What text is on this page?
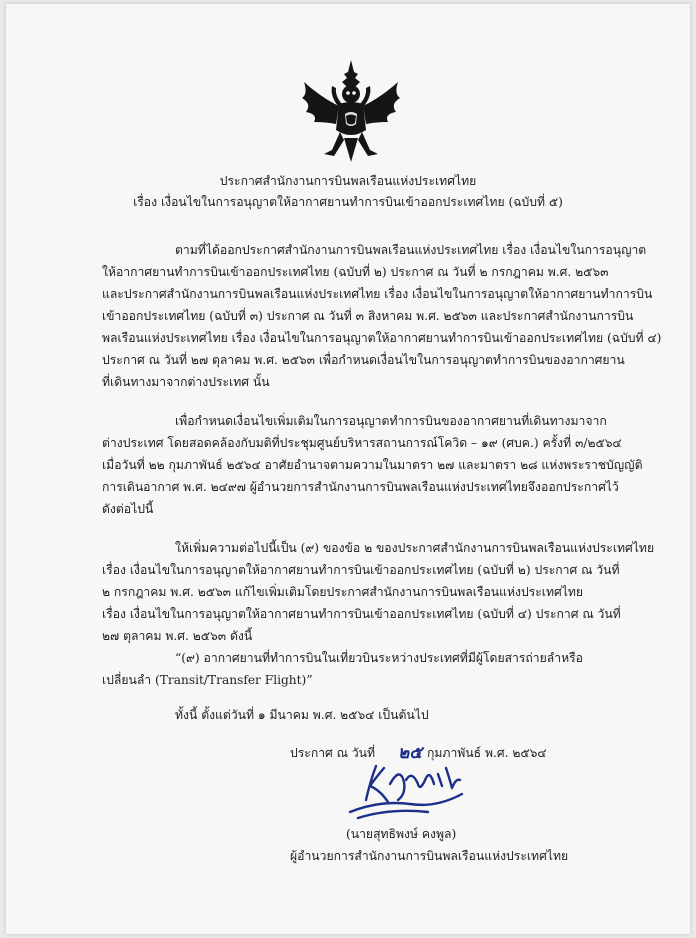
ประกาศสำนักงานการบินพลเรือนแห่งประเทศไทย
เรื่อง เงื่อนไขในการอนุญาตให้อากาศยานทำการบินเข้าออกประเทศไทย (ฉบับที่ ๕)
ตามที่ได้ออกประกาศสำนักงานการบินพลเรือนแห่งประเทศไทย เรื่อง เงื่อนไขในการอนุญาต
ให้อากาศยานทำการบินเข้าออกประเทศไทย (ฉบับที่ ๒) ประกาศ ณ วันที่ ๒ กรกฎาคม พ.ศ. ๒๕๖๓
และประกาศสำนักงานการบินพลเรือนแห่งประเทศไทย เรื่อง เงื่อนไขในการอนุญาตให้อากาศยานทำการบิน
เข้าออกประเทศไทย (ฉบับที่ ๓) ประกาศ ณ วันที่ ๓ สิงหาคม พ.ศ. ๒๕๖๓ และประกาศสำนักงานการบิน
พลเรือนแห่งประเทศไทย เรื่อง เงื่อนไขในการอนุญาตให้อากาศยานทำการบินเข้าออกประเทศไทย (ฉบับที่ ๔)
ประกาศ ณ วันที่ ๒๗ ตุลาคม พ.ศ. ๒๕๖๓ เพื่อกำหนดเงื่อนไขในการอนุญาตทำการบินของอากาศยาน
ที่เดินทางมาจากต่างประเทศ นั้น
เพื่อกำหนดเงื่อนไขเพิ่มเติมในการอนุญาตทำการบินของอากาศยานที่เดินทางมาจาก
ต่างประเทศ โดยสอดคล้องกับมติที่ประชุมศูนย์บริหารสถานการณ์โควิด – ๑๙ (ศบค.) ครั้งที่ ๓/๒๕๖๔
เมื่อวันที่ ๒๒ กุมภาพันธ์ ๒๕๖๔ อาศัยอำนาจตามความในมาตรา ๒๗ และมาตรา ๒๘ แห่งพระราชบัญญัติ
การเดินอากาศ พ.ศ. ๒๔๙๗ ผู้อำนวยการสำนักงานการบินพลเรือนแห่งประเทศไทยจึงออกประกาศไว้
ดังต่อไปนี้
ให้เพิ่มความต่อไปนี้เป็น (๙) ของข้อ ๒ ของประกาศสำนักงานการบินพลเรือนแห่งประเทศไทย
เรื่อง เงื่อนไขในการอนุญาตให้อากาศยานทำการบินเข้าออกประเทศไทย (ฉบับที่ ๒) ประกาศ ณ วันที่
๒ กรกฎาคม พ.ศ. ๒๕๖๓ แก้ไขเพิ่มเติมโดยประกาศสำนักงานการบินพลเรือนแห่งประเทศไทย
เรื่อง เงื่อนไขในการอนุญาตให้อากาศยานทำการบินเข้าออกประเทศไทย (ฉบับที่ ๔) ประกาศ ณ วันที่
๒๗ ตุลาคม พ.ศ. ๒๕๖๓ ดังนี้
“(๙) อากาศยานที่ทำการบินในเที่ยวบินระหว่างประเทศที่มีผู้โดยสารถ่ายลำหรือ
เปลี่ยนลำ (Transit/Transfer Flight)”
ทั้งนี้ ตั้งแต่วันที่ ๑ มีนาคม พ.ศ. ๒๕๖๔ เป็นต้นไป
ประกาศ ณ วันที่ ๒๕ กุมภาพันธ์ พ.ศ. ๒๕๖๔
(นายสุทธิพงษ์ คงพูล)
ผู้อำนวยการสำนักงานการบินพลเรือนแห่งประเทศไทย
